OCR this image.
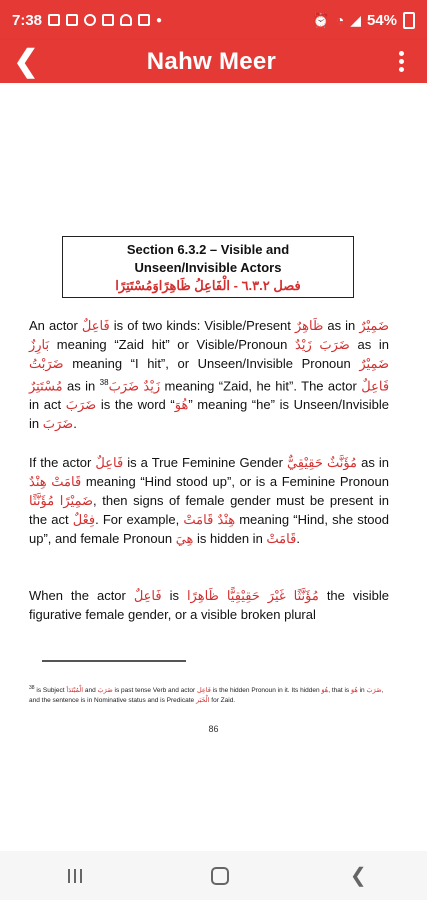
7:38	●	⏰ ◔ ◢ 54%
❮	Nahw Meer
Section 6.3.2 – Visible and Unseen/Invisible Actors
فصل ٦.٣.٢ - الْفَاعِلُ ظَاهِرًاوَمُسْتَتِرًا
An actor فَاعِلٌ is of two kinds: Visible/Present ظَاهِرٌ as in ضَمِيْرٌ بَارِزٌ meaning “Zaid hit” or Visible/Pronoun ضَرَبَ زَيْدٌ as in ضَرَبْتُ meaning “I hit”, or Unseen/Invisible Pronoun ضَمِيْرٌ مُسْتَتِرٌ as in $^{38}$زَيْدٌ ضَرَبَ meaning “Zaid, he hit”. The actor فَاعِلٌ in act ضَرَبَ is the word “هُوَ” meaning “he” is Unseen/Invisible in ضَرَبَ.
If the actor فَاعِلٌ is a True Feminine Gender مُؤَنَّثٌ حَقِيْقِيٌّ as in قَامَتْ هِنْدٌ meaning “Hind stood up”, or is a Feminine Pronoun ضَمِيْرًا مُؤَنَّثًا, then signs of female gender must be present in the act فِعْلٌ. For example, هِنْدٌ قَامَتْ meaning “Hind, she stood up”, and female Pronoun هِيَ is hidden in قَامَتْ.
When the actor فَاعِلٌ is مُؤَنَّثًا غَيْرَ حَقِيْقِيًّا ظَاهِرًا the visible figurative female gender, or a visible broken plural
$^{38}$ is Subject الْمُبْتَدَأ and ضَرَبَ is past tense Verb and actor فَاعِل is the hidden Pronoun in it. Its hidden هُوَ, that is هُوَ in ضَرَبَ, and the sentence is in Nominative status and is Predicate الْخَبَر for Zaid.
86
❮
